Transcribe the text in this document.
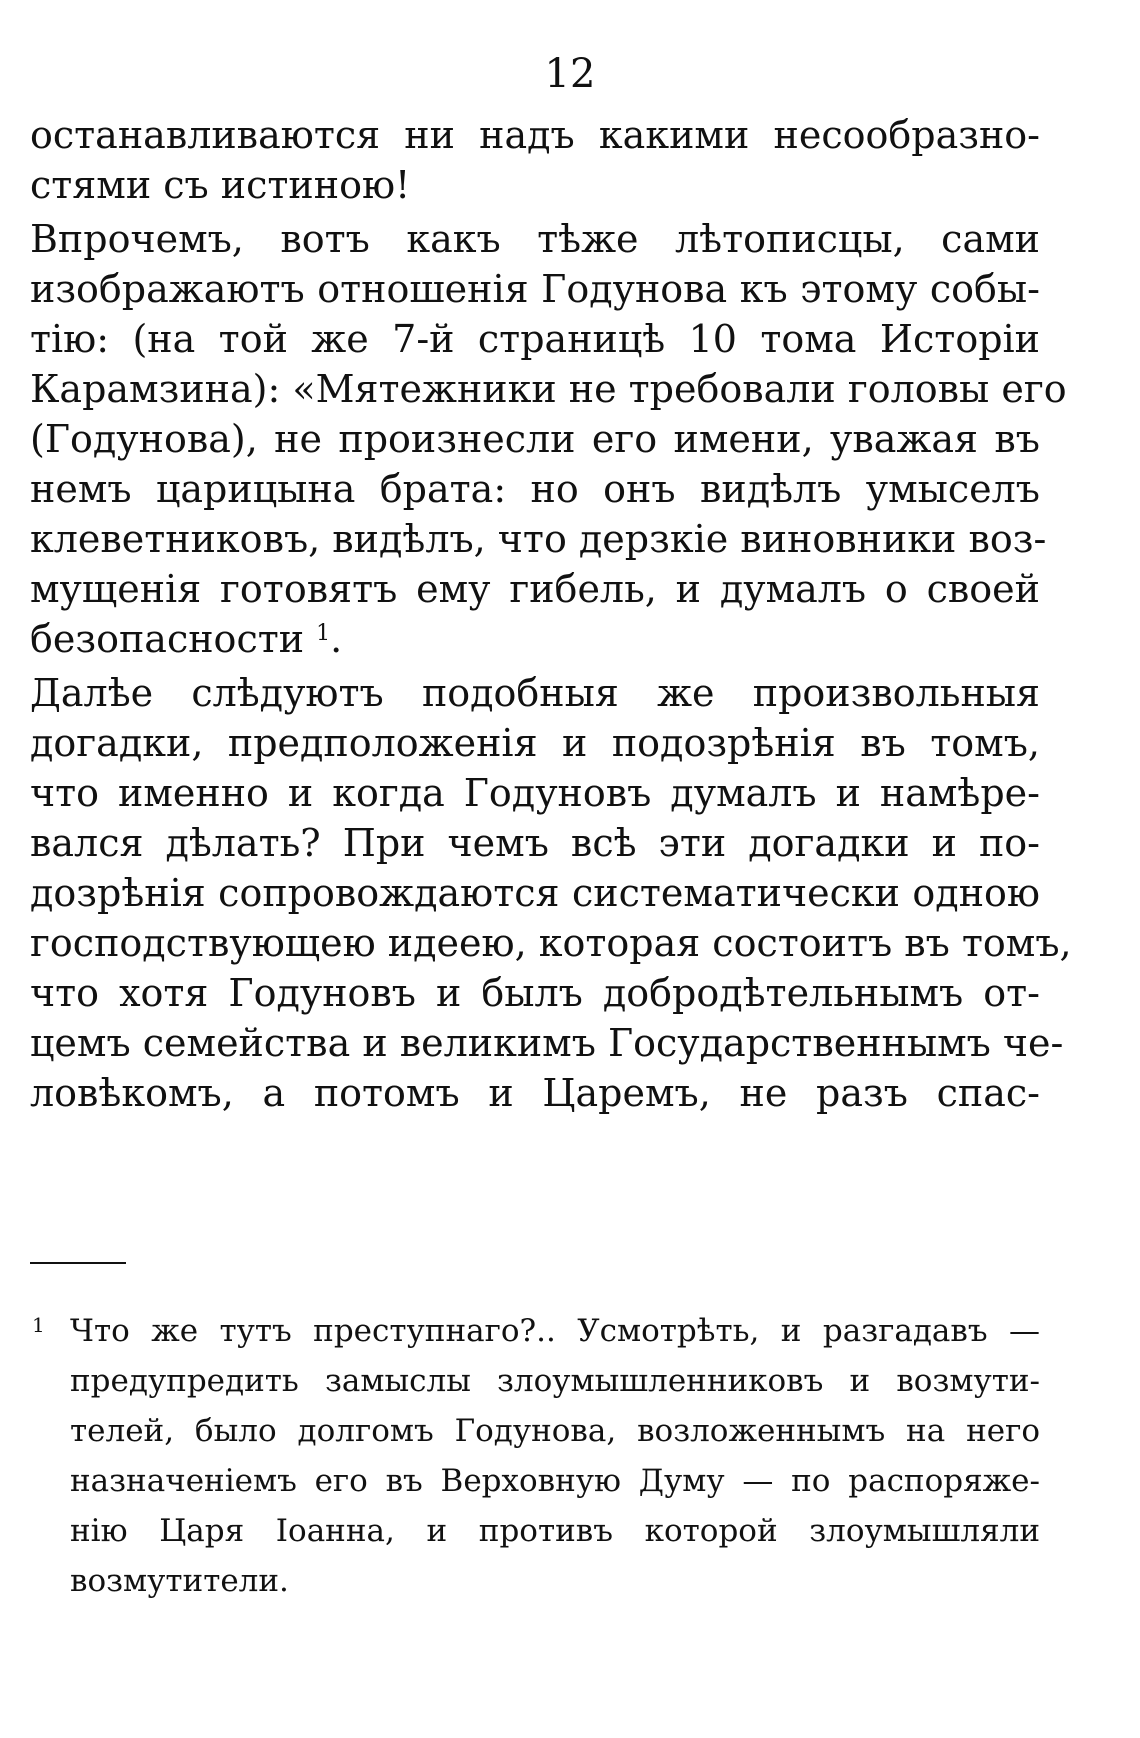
12
останавливаются ни надъ какими несообразно-
стями съ истиною!
Впрочемъ, вотъ какъ тѣже лѣтописцы, сами
изображаютъ отношенія Годунова къ этому собы-
тію: (на той же 7-й страницѣ 10 тома Исторіи
Карамзина): «Мятежники не требовали головы его
(Годунова), не произнесли его имени, уважая въ
немъ царицына брата: но онъ видѣлъ умыселъ
клеветниковъ, видѣлъ, что дерзкіе виновники воз-
мущенія готовятъ ему гибель, и думалъ о своей
безопасности $^1$.
Далѣе слѣдуютъ подобныя же произвольныя
догадки, предположенія и подозрѣнія въ томъ,
что именно и когда Годуновъ думалъ и намѣре-
вался дѣлать? При чемъ всѣ эти догадки и по-
дозрѣнія сопровождаются систематически одною
господствующею идеею, которая состоитъ въ томъ,
что хотя Годуновъ и былъ добродѣтельнымъ от-
цемъ семейства и великимъ Государственнымъ че-
ловѣкомъ, а потомъ и Царемъ, не разъ спас-
1 Что же тутъ преступнаго?.. Усмотрѣть, и разгадавъ —
предупредить замыслы злоумышленниковъ и возмути-
телей, было долгомъ Годунова, возложеннымъ на него
назначеніемъ его въ Верховную Думу — по распоряже-
нію Царя Іоанна, и противъ которой злоумышляли
возмутители.
